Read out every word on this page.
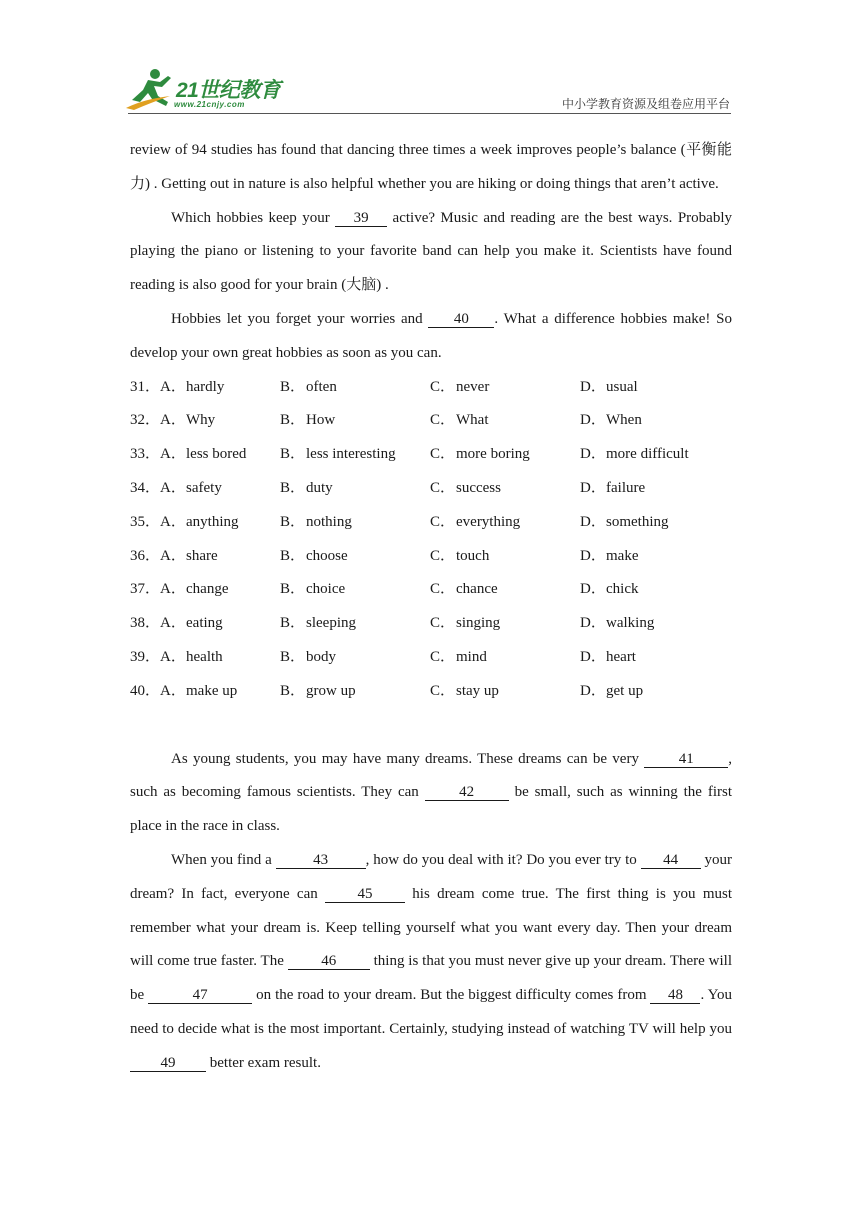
21世纪教育
www.21cnjy.com	中小学教育资源及组卷应用平台

review of 94 studies has found that dancing three times a week improves people’s balance (平衡能力) . Getting out in nature is also helpful whether you are hiking or doing things that aren’t active.

Which hobbies keep your 39 active? Music and reading are the best ways. Probably playing the piano or listening to your favorite band can help you make it. Scientists have found reading is also good for your brain (大脑) .

Hobbies let you forget your worries and 40 . What a difference hobbies make! So develop your own great hobbies as soon as you can.

31． A． hardly	B． often	C． never	D． usual
32． A． Why	B． How	C． What	D． When
33． A． less bored B． less interesting C． more boring	D． more difficult
34． A． safety	B． duty	C． success	D． failure
35． A． anything	B． nothing	C． everything	D． something
36． A． share	B． choose	C． touch	D． make
37． A． change	B． choice	C． chance	D． chick
38． A． eating	B． sleeping	C． singing	D． walking
39． A． health	B． body	C． mind	D． heart
40． A． make up	B． grow up	C． stay up	D． get up

As young students, you may have many dreams. These dreams can be very 41 , such as becoming famous scientists. They can 42 be small, such as winning the first place in the race in class.

When you find a	43	, how do you deal with it? Do you ever try to 44 your dream? In fact, everyone can 45 his dream come true. The first thing is you must remember what your dream is. Keep telling yourself what you want every day. Then your dream will come true faster. The 46 thing is that you must never give up your dream. There will be	47	on the road to your dream. But the biggest difficulty comes from 48 . You need to decide what is the most important. Certainly, studying instead of watching TV will help you 49 better exam result.
